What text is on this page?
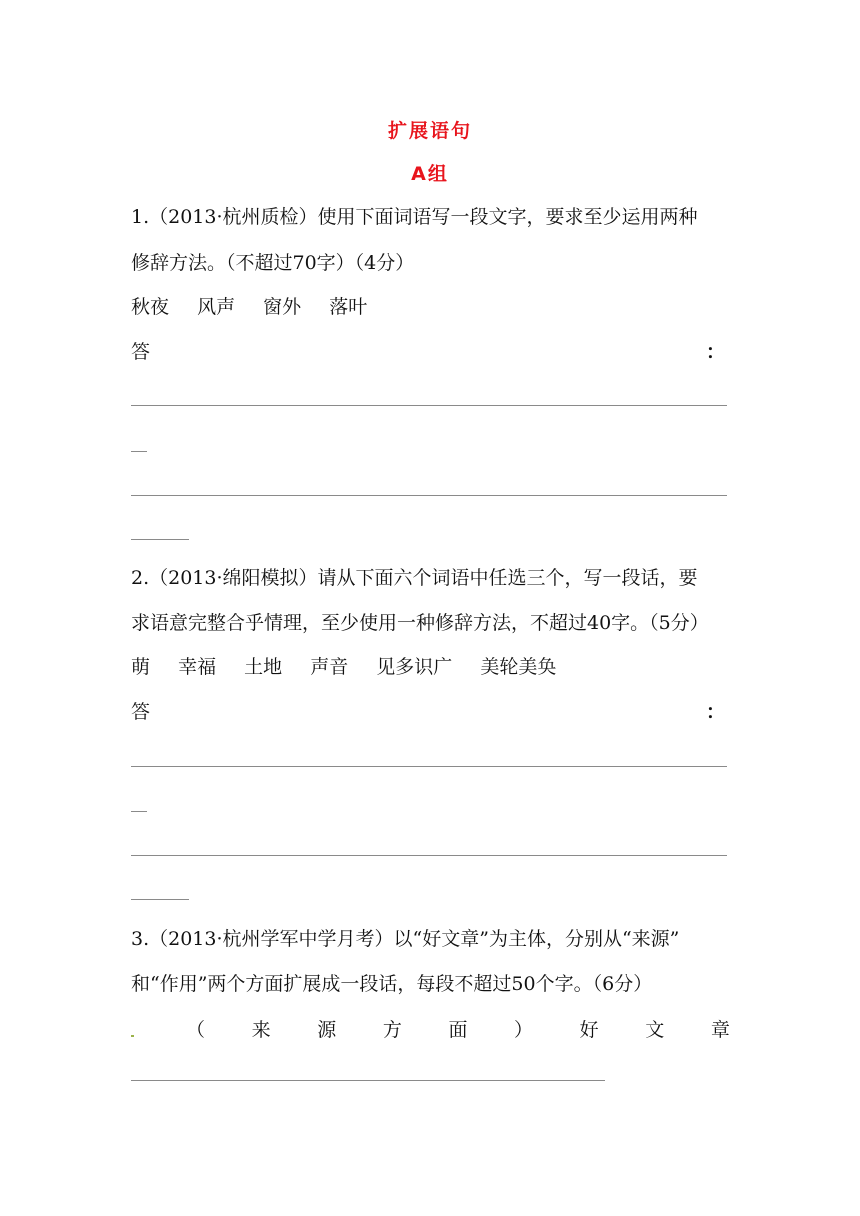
扩展语句
A组
1.（2013·杭州质检）使用下面词语写一段文字，要求至少运用两种
修辞方法。（不超过70字）（4分）
秋夜 风声 窗外 落叶
答	：
2.（2013·绵阳模拟）请从下面六个词语中任选三个，写一段话，要
求语意完整合乎情理，至少使用一种修辞方法，不超过40字。（5分）
萌 幸福 土地 声音 见多识广 美轮美奂
答	：
3.（2013·杭州学军中学月考）以“好文章”为主体，分别从“来源”
和“作用”两个方面扩展成一段话，每段不超过50个字。（6分）
（ 来 源 方 面 ） 好 文 章
